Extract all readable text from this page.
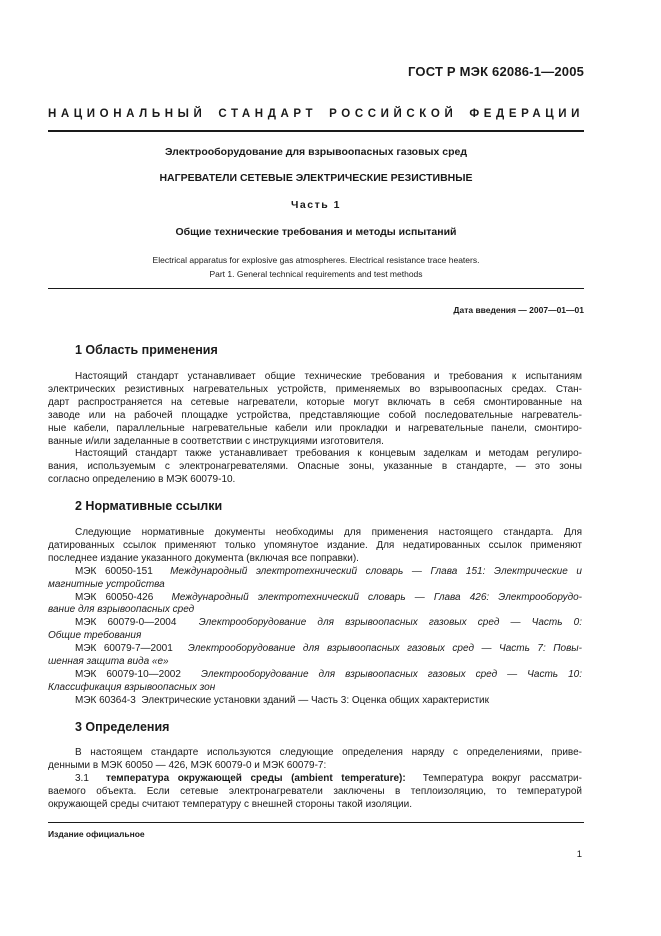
ГОСТ Р МЭК 62086-1—2005
НАЦИОНАЛЬНЫЙ СТАНДАРТ РОССИЙСКОЙ ФЕДЕРАЦИИ
Электрооборудование для взрывоопасных газовых сред
НАГРЕВАТЕЛИ СЕТЕВЫЕ ЭЛЕКТРИЧЕСКИЕ РЕЗИСТИВНЫЕ
Часть 1
Общие технические требования и методы испытаний
Electrical apparatus for explosive gas atmospheres. Electrical resistance trace heaters.
Part 1. General technical requirements and test methods
Дата введения — 2007—01—01
1 Область применения
Настоящий стандарт устанавливает общие технические требования и требования к испытаниям
электрических резистивных нагревательных устройств, применяемых во взрывоопасных средах. Стан-
дарт распространяется на сетевые нагреватели, которые могут включать в себя смонтированные на
заводе или на рабочей площадке устройства, представляющие собой последовательные нагреватель-
ные кабели, параллельные нагревательные кабели или прокладки и нагревательные панели, смонтиро-
ванные и/или заделанные в соответствии с инструкциями изготовителя.
Настоящий стандарт также устанавливает требования к концевым заделкам и методам регулиро-
вания, используемым с электронагревателями. Опасные зоны, указанные в стандарте, — это зоны
согласно определению в МЭК 60079-10.
2 Нормативные ссылки
Следующие нормативные документы необходимы для применения настоящего стандарта. Для
датированных ссылок применяют только упомянутое издание. Для недатированных ссылок применяют
последнее издание указанного документа (включая все поправки).
МЭК 60050-151 Международный электротехнический словарь — Глава 151: Электрические и
магнитные устройства
МЭК 60050-426 Международный электротехнический словарь — Глава 426: Электрооборудо-
вание для взрывоопасных сред
МЭК 60079-0—2004 Электрооборудование для взрывоопасных газовых сред — Часть 0:
Общие требования
МЭК 60079-7—2001 Электрооборудование для взрывоопасных газовых сред — Часть 7: Повы-
шенная защита вида «е»
МЭК 60079-10—2002 Электрооборудование для взрывоопасных газовых сред — Часть 10:
Классификация взрывоопасных зон
МЭК 60364-3 Электрические установки зданий — Часть 3: Оценка общих характеристик
3 Определения
В настоящем стандарте используются следующие определения наряду с определениями, приве-
денными в МЭК 60050 — 426, МЭК 60079-0 и МЭК 60079-7:
3.1 температура окружающей среды (ambient temperature): Температура вокруг рассматри-
ваемого объекта. Если сетевые электронагреватели заключены в теплоизоляцию, то температурой
окружающей среды считают температуру с внешней стороны такой изоляции.
Издание официальное
1
